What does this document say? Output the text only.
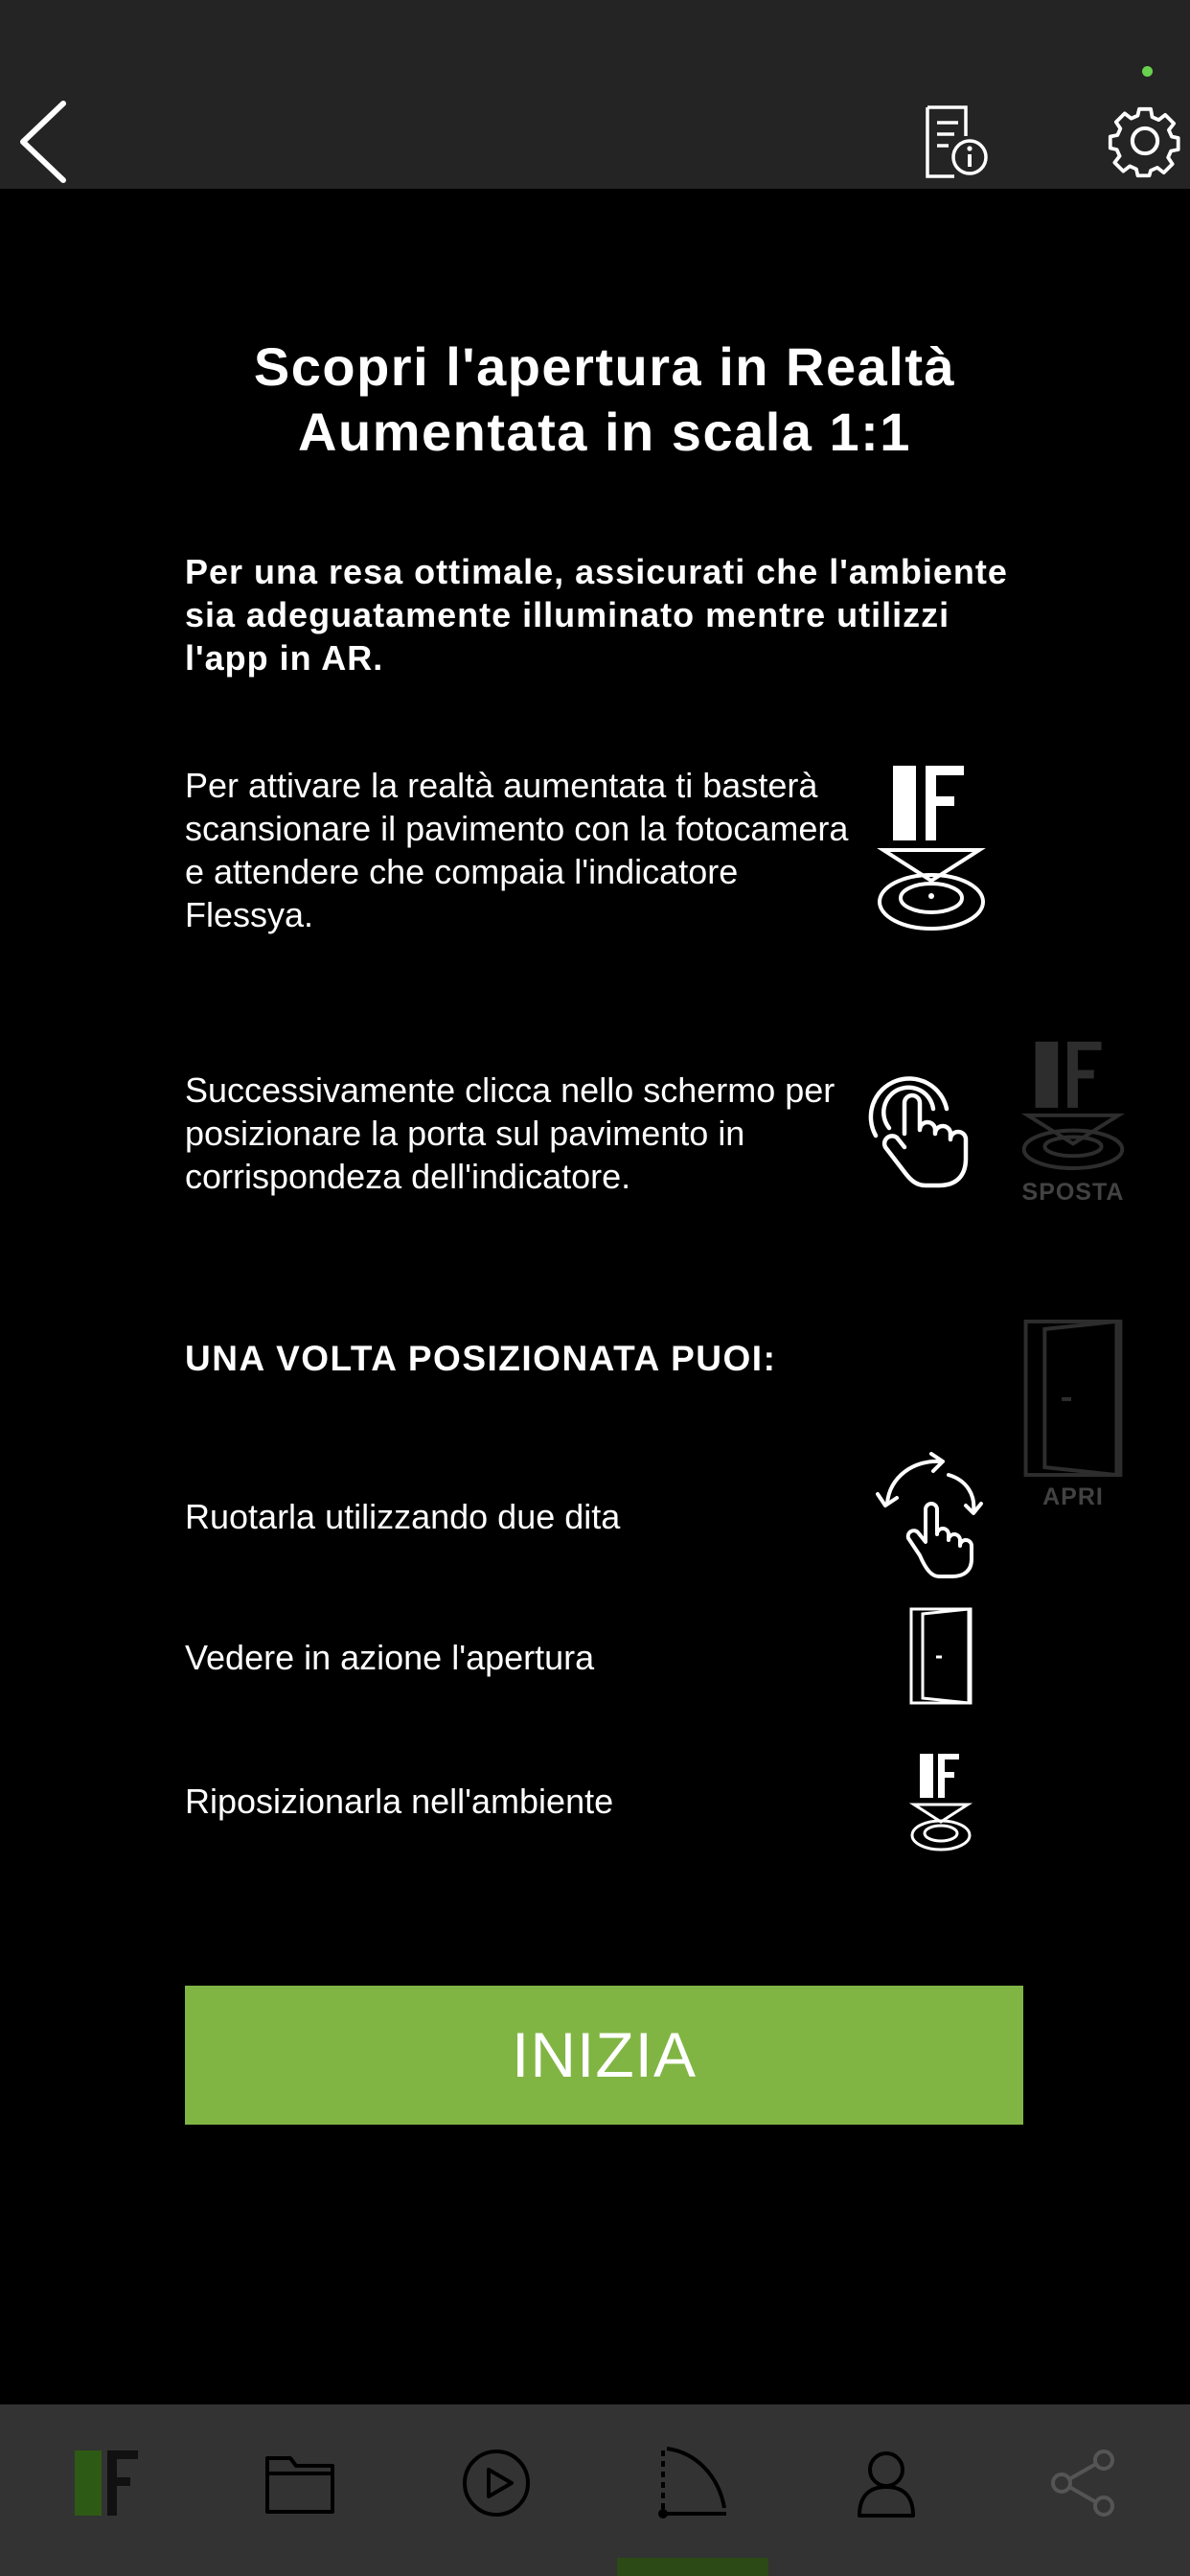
Scopri l'apertura in Realtà Aumentata in scala 1:1

Per una resa ottimale, assicurati che l'ambiente sia adeguatamente illuminato mentre utilizzi l'app in AR.

Per attivare la realtà aumentata ti basterà scansionare il pavimento con la fotocamera e attendere che compaia l'indicatore Flessya.

Successivamente clicca nello schermo per posizionare la porta sul pavimento in corrispondeza dell'indicatore.	SPOSTA
UNA VOLTA POSIZIONATA PUOI:
APRI
Ruotarla utilizzando due dita
Vedere in azione l'apertura
Riposizionarla nell'ambiente
INIZIA
